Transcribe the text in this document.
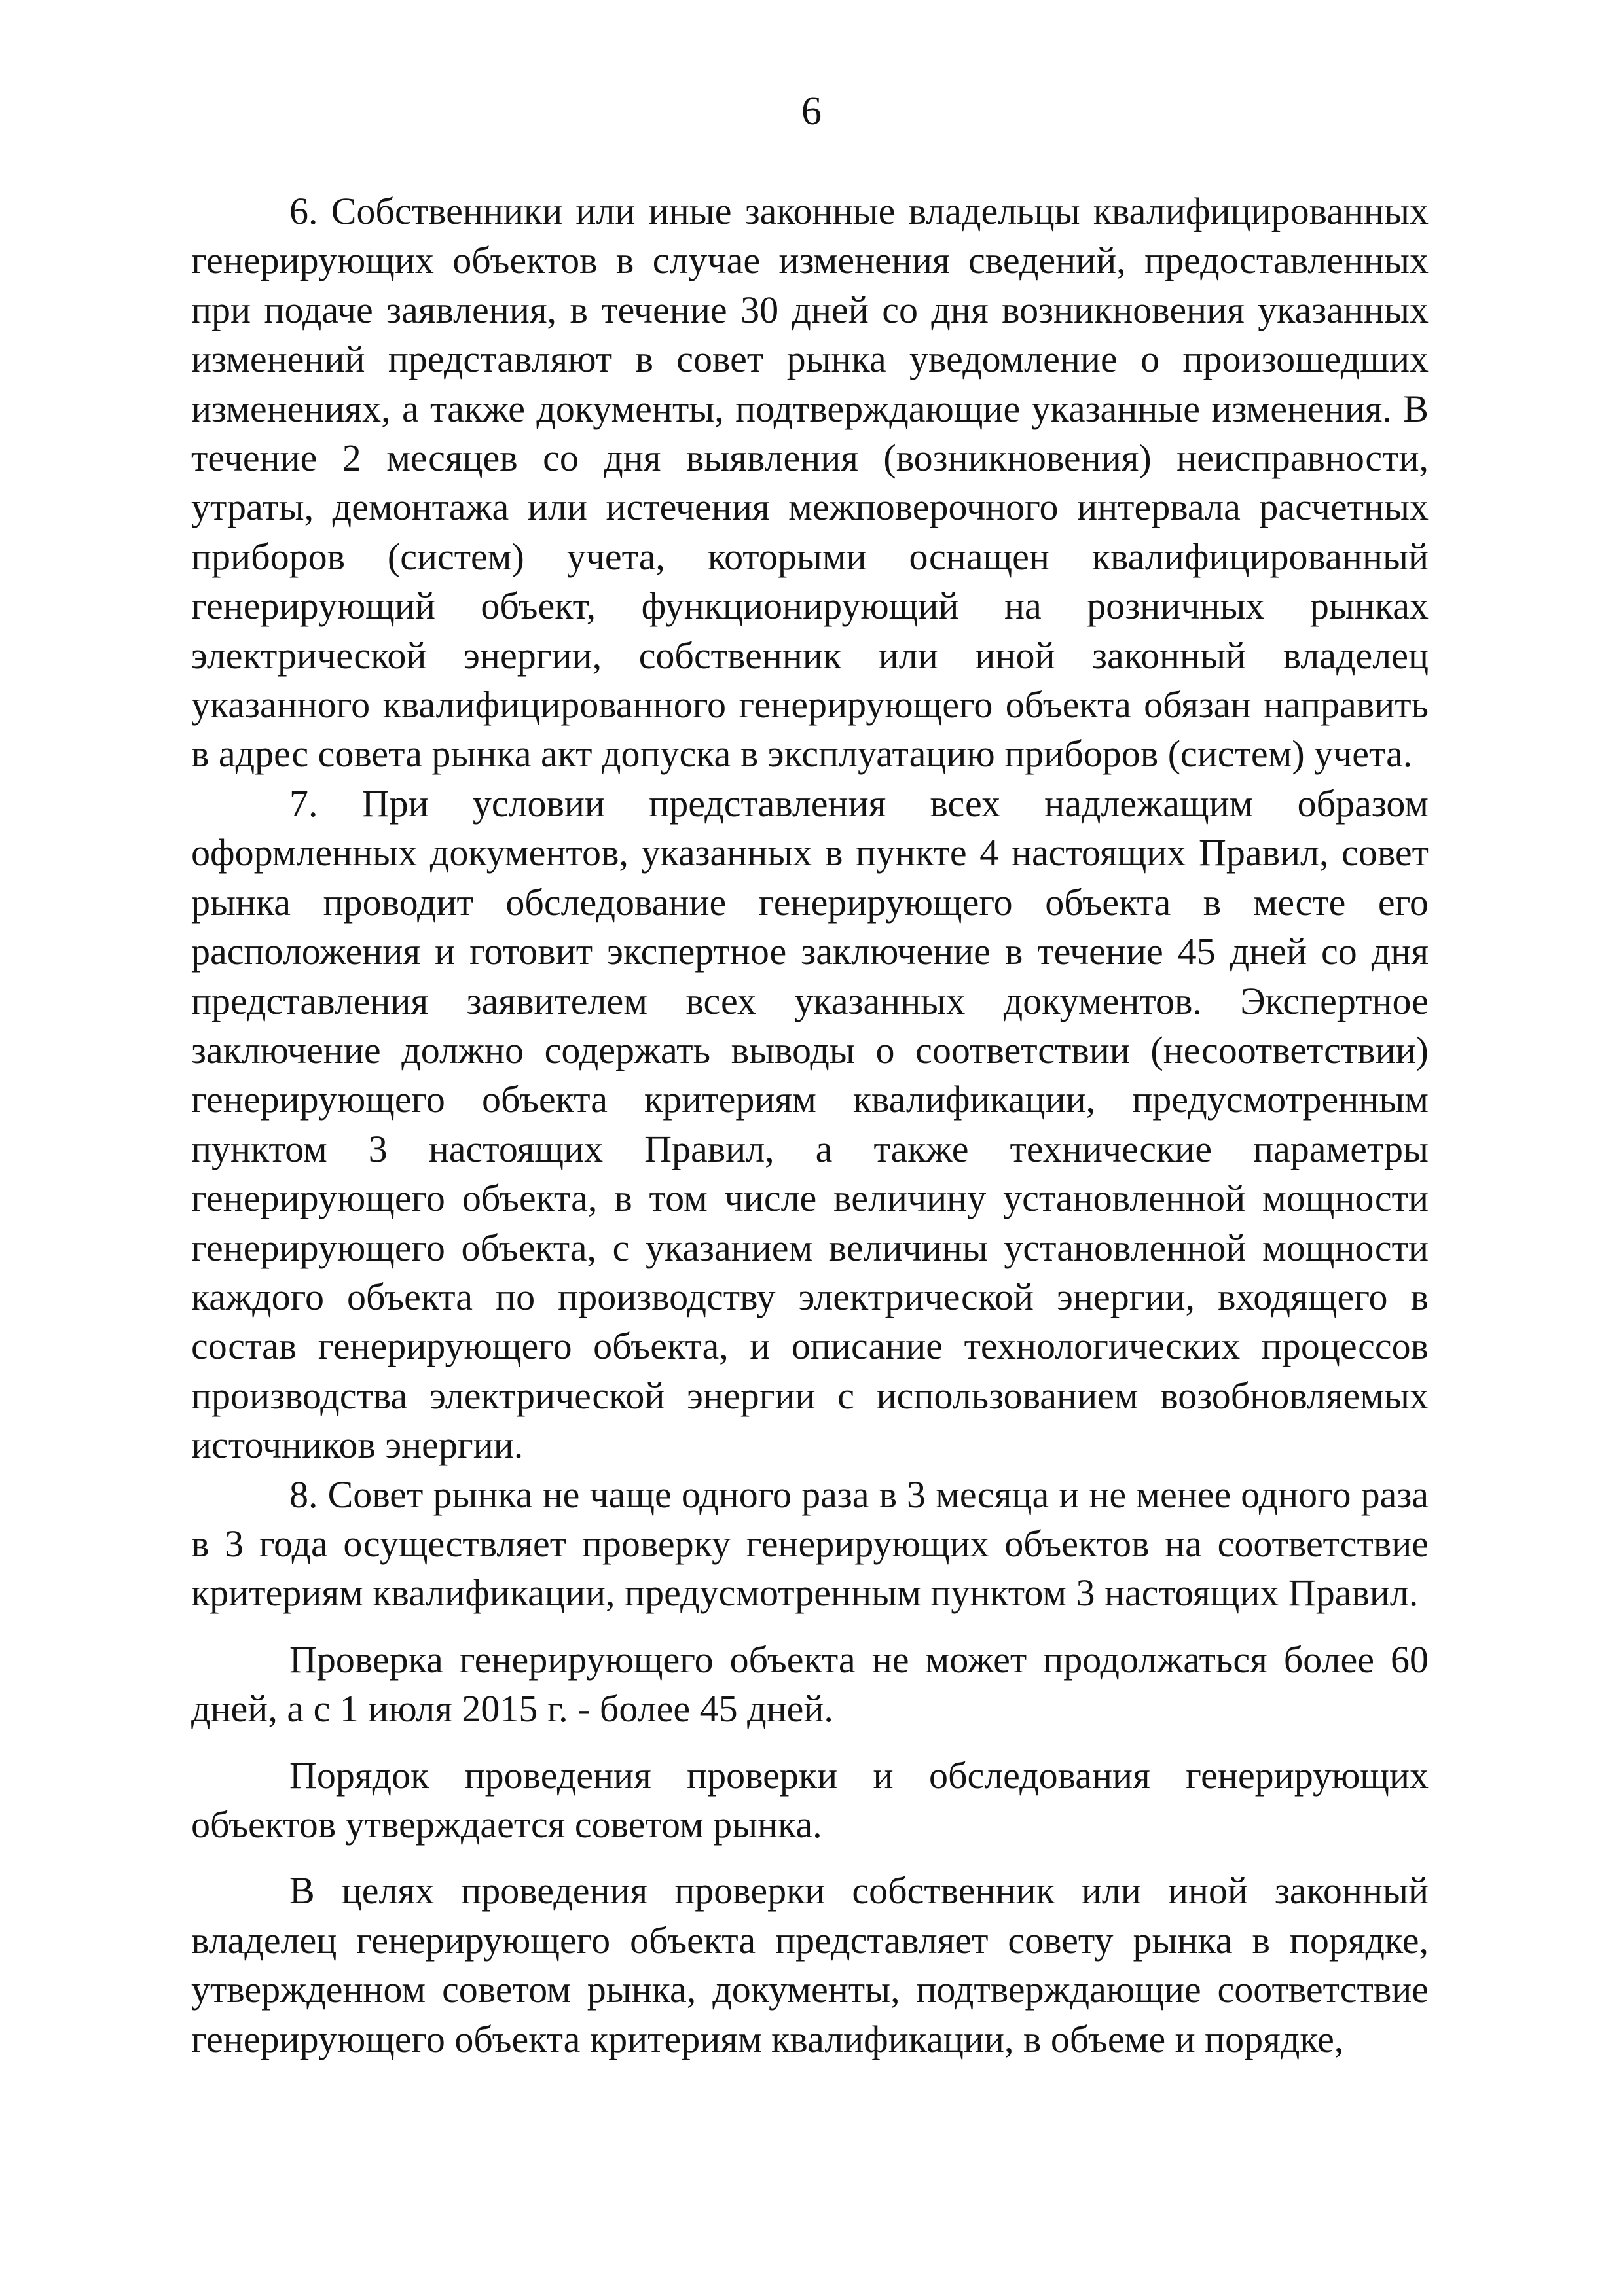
6

6. Собственники или иные законные владельцы квалифицированных генерирующих объектов в случае изменения сведений, предоставленных при подаче заявления, в течение 30 дней со дня возникновения указанных изменений представляют в совет рынка уведомление о произошедших изменениях, а также документы, подтверждающие указанные изменения. В течение 2 месяцев со дня выявления (возникновения) неисправности, утраты, демонтажа или истечения межповерочного интервала расчетных приборов (систем) учета, которыми оснащен квалифицированный генерирующий объект, функционирующий на розничных рынках электрической энергии, собственник или иной законный владелец указанного квалифицированного генерирующего объекта обязан направить в адрес совета рынка акт допуска в эксплуатацию приборов (систем) учета.

7. При условии представления всех надлежащим образом оформленных документов, указанных в пункте 4 настоящих Правил, совет рынка проводит обследование генерирующего объекта в месте его расположения и готовит экспертное заключение в течение 45 дней со дня представления заявителем всех указанных документов. Экспертное заключение должно содержать выводы о соответствии (несоответствии) генерирующего объекта критериям квалификации, предусмотренным пунктом 3 настоящих Правил, а также технические параметры генерирующего объекта, в том числе величину установленной мощности генерирующего объекта, с указанием величины установленной мощности каждого объекта по производству электрической энергии, входящего в состав генерирующего объекта, и описание технологических процессов производства электрической энергии с использованием возобновляемых источников энергии.

8. Совет рынка не чаще одного раза в 3 месяца и не менее одного раза в 3 года осуществляет проверку генерирующих объектов на соответствие критериям квалификации, предусмотренным пунктом 3 настоящих Правил.

Проверка генерирующего объекта не может продолжаться более 60 дней, а с 1 июля 2015 г. - более 45 дней.

Порядок проведения проверки и обследования генерирующих объектов утверждается советом рынка.

В целях проведения проверки собственник или иной законный владелец генерирующего объекта представляет совету рынка в порядке, утвержденном советом рынка, документы, подтверждающие соответствие генерирующего объекта критериям квалификации, в объеме и порядке,
